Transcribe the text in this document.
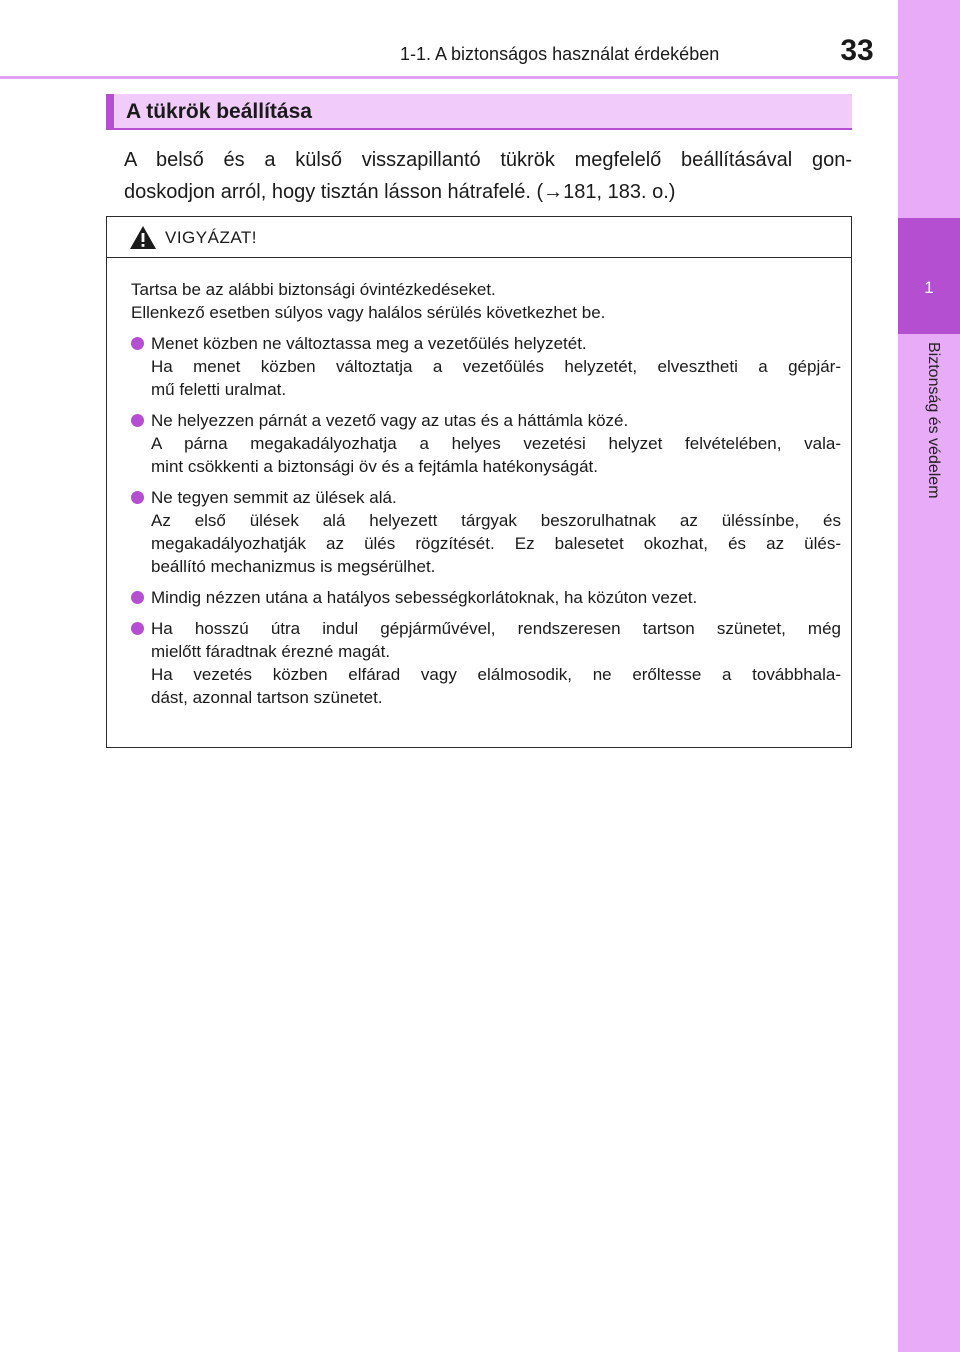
1-1. A biztonságos használat érdekében	33
1
Biztonság és védelem
A tükrök beállítása

A belső és a külső visszapillantó tükrök megfelelő beállításával gon-
doskodjon arról, hogy tisztán lásson hátrafelé. (→181, 183. o.)

VIGYÁZAT!

Tartsa be az alábbi biztonsági óvintézkedéseket.
Ellenkező esetben súlyos vagy halálos sérülés következhet be.

Menet közben ne változtassa meg a vezetőülés helyzetét.
Ha menet közben változtatja a vezetőülés helyzetét, elvesztheti a gépjár-
mű feletti uralmat.
Ne helyezzen párnát a vezető vagy az utas és a háttámla közé.
A párna megakadályozhatja a helyes vezetési helyzet felvételében, vala-
mint csökkenti a biztonsági öv és a fejtámla hatékonyságát.
Ne tegyen semmit az ülések alá.
Az első ülések alá helyezett tárgyak beszorulhatnak az üléssínbe, és
megakadályozhatják az ülés rögzítését. Ez balesetet okozhat, és az ülés-
beállító mechanizmus is megsérülhet.
Mindig nézzen utána a hatályos sebességkorlátoknak, ha közúton vezet.
Ha hosszú útra indul gépjárművével, rendszeresen tartson szünetet, még
mielőtt fáradtnak érezné magát.
Ha vezetés közben elfárad vagy elálmosodik, ne erőltesse a továbbhala-
dást, azonnal tartson szünetet.
